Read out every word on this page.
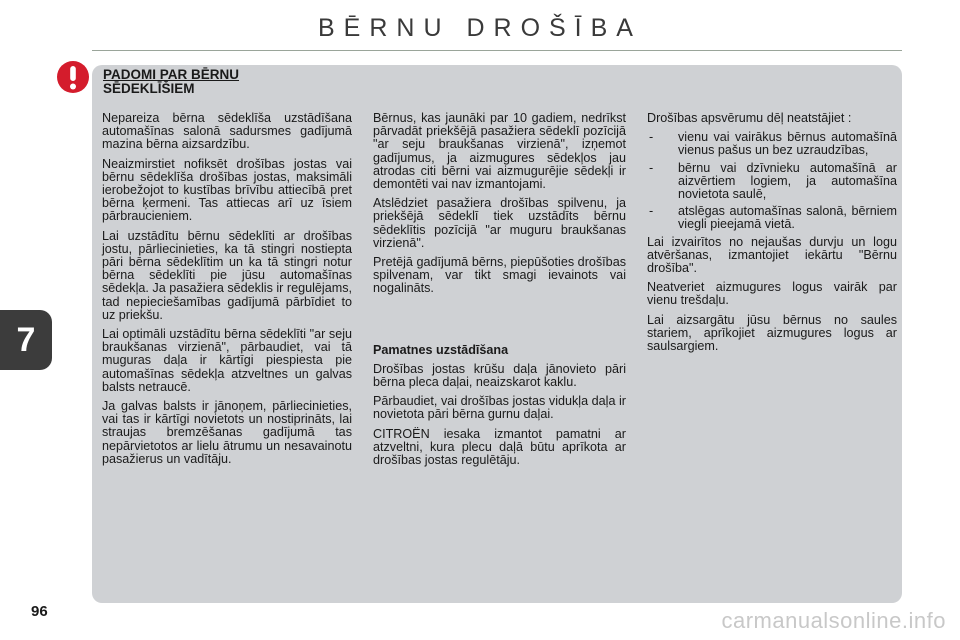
BĒRNU DROŠĪBA
PADOMI PAR BĒRNU
SĒDEKLĪŠIEM

Nepareiza bērna sēdeklīša uzstādīšana automašīnas salonā sadursmes gadījumā mazina bērna aizsardzību.

Neaizmirstiet nofiksēt drošības jostas vai bērnu sēdeklīša drošības jostas, maksimāli ierobežojot to kustības brīvību attiecībā pret bērna ķermeni. Tas attiecas arī uz īsiem pārbraucieniem.

Lai uzstādītu bērnu sēdeklīti ar drošības jostu, pārliecinieties, ka tā stingri nostiepta pāri bērna sēdeklītim un ka tā stingri notur bērna sēdeklīti pie jūsu automašīnas sēdekļa. Ja pasažiera sēdeklis ir regulējams, tad nepieciešamības gadījumā pārbīdiet to uz priekšu.

Lai optimāli uzstādītu bērna sēdeklīti "ar seju braukšanas virzienā", pārbaudiet, vai tā muguras daļa ir kārtīgi piespiesta pie automašīnas sēdekļa atzveltnes un galvas balsts netraucē.

Ja galvas balsts ir jānoņem, pārliecinieties, vai tas ir kārtīgi novietots un nostiprināts, lai straujas bremzēšanas gadījumā tas nepārvietotos ar lielu ātrumu un nesavainotu pasažierus un vadītāju.

Bērnus, kas jaunāki par 10 gadiem, nedrīkst pārvadāt priekšējā pasažiera sēdeklī pozīcijā "ar seju braukšanas virzienā", izņemot gadījumus, ja aizmugures sēdekļos jau atrodas citi bērni vai aizmugurējie sēdekļi ir demontēti vai nav izmantojami.

Atslēdziet pasažiera drošības spilvenu, ja priekšējā sēdeklī tiek uzstādīts bērnu sēdeklītis pozīcijā "ar muguru braukšanas virzienā".

Pretējā gadījumā bērns, piepūšoties drošības spilvenam, var tikt smagi ievainots vai nogalināts.

Pamatnes uzstādīšana

Drošības jostas krūšu daļa jānovieto pāri bērna pleca daļai, neaizskarot kaklu.

Pārbaudiet, vai drošības jostas vidukļa daļa ir novietota pāri bērna gurnu daļai.

CITROËN iesaka izmantot pamatni ar atzveltni, kura plecu daļā būtu aprīkota ar drošības jostas regulētāju.

Drošības apsvērumu dēļ neatstājiet :

- vienu vai vairākus bērnus automašīnā vienus pašus un bez uzraudzības,
- bērnu vai dzīvnieku automašīnā ar aizvērtiem logiem, ja automašīna novietota saulē,
- atslēgas automašīnas salonā, bērniem viegli pieejamā vietā.

Lai izvairītos no nejaušas durvju un logu atvēršanas, izmantojiet iekārtu "Bērnu drošība".

Neatveriet aizmugures logus vairāk par vienu trešdaļu.

Lai aizsargātu jūsu bērnus no saules stariem, aprīkojiet aizmugures logus ar saulsargiem.

7
96	carmanualsonline.info
